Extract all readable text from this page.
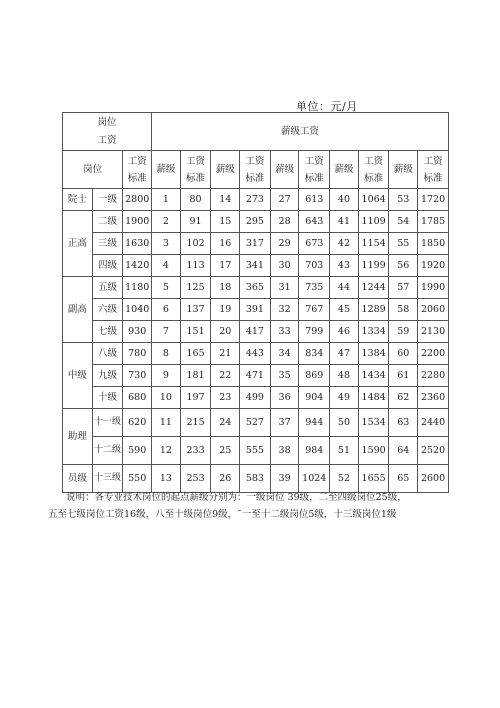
单位：元/月
岗位工资			薪级工资									
岗位		工资标准	薪级	工资标准	薪级	工资标准	薪级	工资标准	薪级	工资标准	薪级	工资标准
院士	一级	2800	1	80	14	273	27	613	40	1064	53	1720
正高	二级	1900	2	91	15	295	28	643	41	1109	54	1785
	三级	1630	3	102	16	317	29	673	42	1154	55	1850
	四级	1420	4	113	17	341	30	703	43	1199	56	1920
副高	五级	1180	5	125	18	365	31	735	44	1244	57	1990
	六级	1040	6	137	19	391	32	767	45	1289	58	2060
	七级	930	7	151	20	417	33	799	46	1334	59	2130
中级	八级	780	8	165	21	443	34	834	47	1384	60	2200
	九级	730	9	181	22	471	35	869	48	1434	61	2280
	十级	680	10	197	23	499	36	904	49	1484	62	2360
助理	十一级	620	11	215	24	527	37	944	50	1534	63	2440
	十二级	590	12	233	25	555	38	984	51	1590	64	2520
员级	十三级	550	13	253	26	583	39	1024	52	1655	65	2600
说明：各专业技术岗位的起点薪级分别为：一级岗位 39级，二至四级岗位25级，
五至七级岗位工资16级，八至十级岗位9级，˜一至十二级岗位5级，十三级岗位1级
